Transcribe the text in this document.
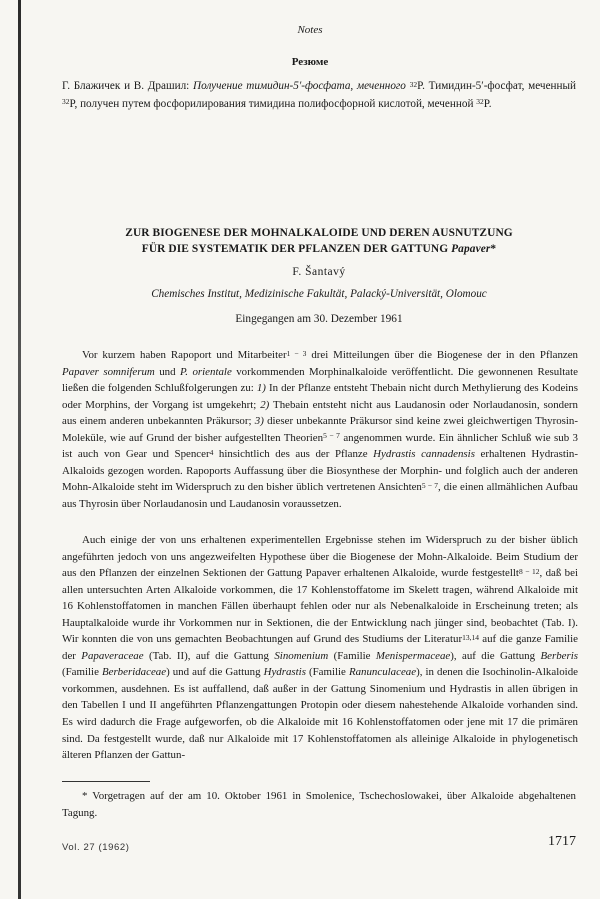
Notes
Резюме
Г. Блажичек и В. Драшил: Получение тимидин-5′-фосфата, меченного $^{32}$P. Тимидин-5′-фосфат, меченный $^{32}$P, получен путем фосфорилирования тимидина полифосфорной кислотой, меченной $^{32}$P.
ZUR BIOGENESE DER MOHNALKALOIDE UND DEREN AUSNUTZUNG
FÜR DIE SYSTEMATIK DER PFLANZEN DER GATTUNG Papaver*
F. Šantavý
Chemisches Institut, Medizinische Fakultät, Palacký-Universität, Olomouc
Eingegangen am 30. Dezember 1961
Vor kurzem haben Rapoport und Mitarbeiter$^{1 - 3}$ drei Mitteilungen über die Biogenese der in den Pflanzen Papaver somniferum und P. orientale vorkommenden Morphinalkaloide veröffentlicht. Die gewonnenen Resultate ließen die folgenden Schlußfolgerungen zu: 1) In der Pflanze entsteht Thebain nicht durch Methylierung des Kodeins oder Morphins, der Vorgang ist umgekehrt; 2) Thebain entsteht nicht aus Laudanosin oder Norlaudanosin, sondern aus einem anderen unbekannten Präkursor; 3) dieser unbekannte Präkursor sind keine zwei gleichwertigen Thyrosin-Moleküle, wie auf Grund der bisher aufgestellten Theorien$^{5 - 7}$ angenommen wurde. Ein ähnlicher Schluß wie sub 3 ist auch von Gear und Spencer$^4$ hinsichtlich des aus der Pflanze Hydrastis cannadensis erhaltenen Hydrastin-Alkaloids gezogen worden. Rapoports Auffassung über die Biosynthese der Morphin- und folglich auch der anderen Mohn-Alkaloide steht im Widerspruch zu den bisher üblich vertretenen Ansichten$^{5 - 7}$, die einen allmählichen Aufbau aus Thyrosin über Norlaudanosin und Laudanosin voraussetzen.
Auch einige der von uns erhaltenen experimentellen Ergebnisse stehen im Widerspruch zu der bisher üblich angeführten jedoch von uns angezweifelten Hypothese über die Biogenese der Mohn-Alkaloide. Beim Studium der aus den Pflanzen der einzelnen Sektionen der Gattung Papaver erhaltenen Alkaloide, wurde festgestellt$^{8 - 12}$, daß bei allen untersuchten Arten Alkaloide vorkommen, die 17 Kohlenstoffatome im Skelett tragen, während Alkaloide mit 16 Kohlenstoffatomen in manchen Fällen überhaupt fehlen oder nur als Nebenalkaloide in Erscheinung treten; als Hauptalkaloide wurde ihr Vorkommen nur in Sektionen, die der Entwicklung nach jünger sind, beobachtet (Tab. I). Wir konnten die von uns gemachten Beobachtungen auf Grund des Studiums der Literatur$^{13,14}$ auf die ganze Familie der Papaveraceae (Tab. II), auf die Gattung Sinomenium (Familie Menispermaceae), auf die Gattung Berberis (Familie Berberidaceae) und auf die Gattung Hydrastis (Familie Ranunculaceae), in denen die Isochinolin-Alkaloide vorkommen, ausdehnen. Es ist auffallend, daß außer in der Gattung Sinomenium und Hydrastis in allen übrigen in den Tabellen I und II angeführten Pflanzengattungen Protopin oder diesem nahestehende Alkaloide vorhanden sind. Es wird dadurch die Frage aufgeworfen, ob die Alkaloide mit 16 Kohlenstoffatomen oder jene mit 17 die primären sind. Da festgestellt wurde, daß nur Alkaloide mit 17 Kohlenstoffatomen als alleinige Alkaloide in phylogenetisch älteren Pflanzen der Gattun-
* Vorgetragen auf der am 10. Oktober 1961 in Smolenice, Tschechoslowakei, über Alkaloide abgehaltenen Tagung.
Vol. 27 (1962)	1717
